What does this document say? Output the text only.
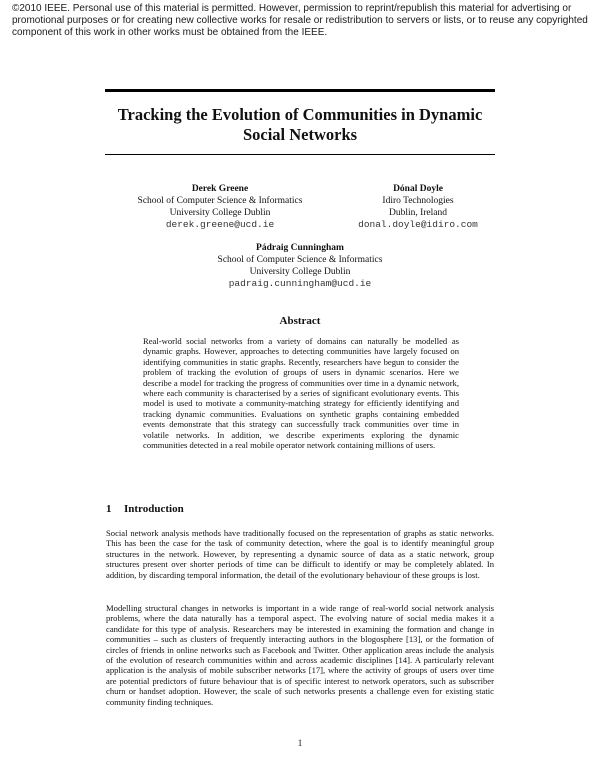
©2010 IEEE. Personal use of this material is permitted. However, permission to reprint/republish this material for advertising or promotional purposes or for creating new collective works for resale or redistribution to servers or lists, or to reuse any copyrighted component of this work in other works must be obtained from the IEEE.

Tracking the Evolution of Communities in Dynamic Social Networks
Derek Greene
School of Computer Science & Informatics
University College Dublin
derek.greene@ucd.ie
Dónal Doyle
Idiro Technologies
Dublin, Ireland
donal.doyle@idiro.com
Pádraig Cunningham
School of Computer Science & Informatics
University College Dublin
padraig.cunningham@ucd.ie
Abstract

Real-world social networks from a variety of domains can naturally be modelled as dynamic graphs. However, approaches to detecting communities have largely focused on identifying communities in static graphs. Recently, researchers have begun to consider the problem of tracking the evolution of groups of users in dynamic scenarios. Here we describe a model for tracking the progress of communities over time in a dynamic network, where each community is characterised by a series of significant evolutionary events. This model is used to motivate a community-matching strategy for efficiently identifying and tracking dynamic communities. Evaluations on synthetic graphs containing embedded events demonstrate that this strategy can successfully track communities over time in volatile networks. In addition, we describe experiments exploring the dynamic communities detected in a real mobile operator network containing millions of users.

1 Introduction

Social network analysis methods have traditionally focused on the representation of graphs as static networks. This has been the case for the task of community detection, where the goal is to identify meaningful group structures in the network. However, by representing a dynamic source of data as a static network, group structures present over shorter periods of time can be difficult to identify or may be completely ablated. In addition, by discarding temporal information, the detail of the evolutionary behaviour of these groups is lost.

Modelling structural changes in networks is important in a wide range of real-world social network analysis problems, where the data naturally has a temporal aspect. The evolving nature of social media makes it a candidate for this type of analysis. Researchers may be interested in examining the formation and change in communities – such as clusters of frequently interacting authors in the blogosphere [13], or the formation of circles of friends in online networks such as Facebook and Twitter. Other application areas include the analysis of the evolution of research communities within and across academic disciplines [14]. A particularly relevant application is the analysis of mobile subscriber networks [17], where the activity of groups of users over time are potential predictors of future behaviour that is of specific interest to network operators, such as subscriber churn or handset adoption. However, the scale of such networks presents a challenge even for existing static community finding techniques.

1
